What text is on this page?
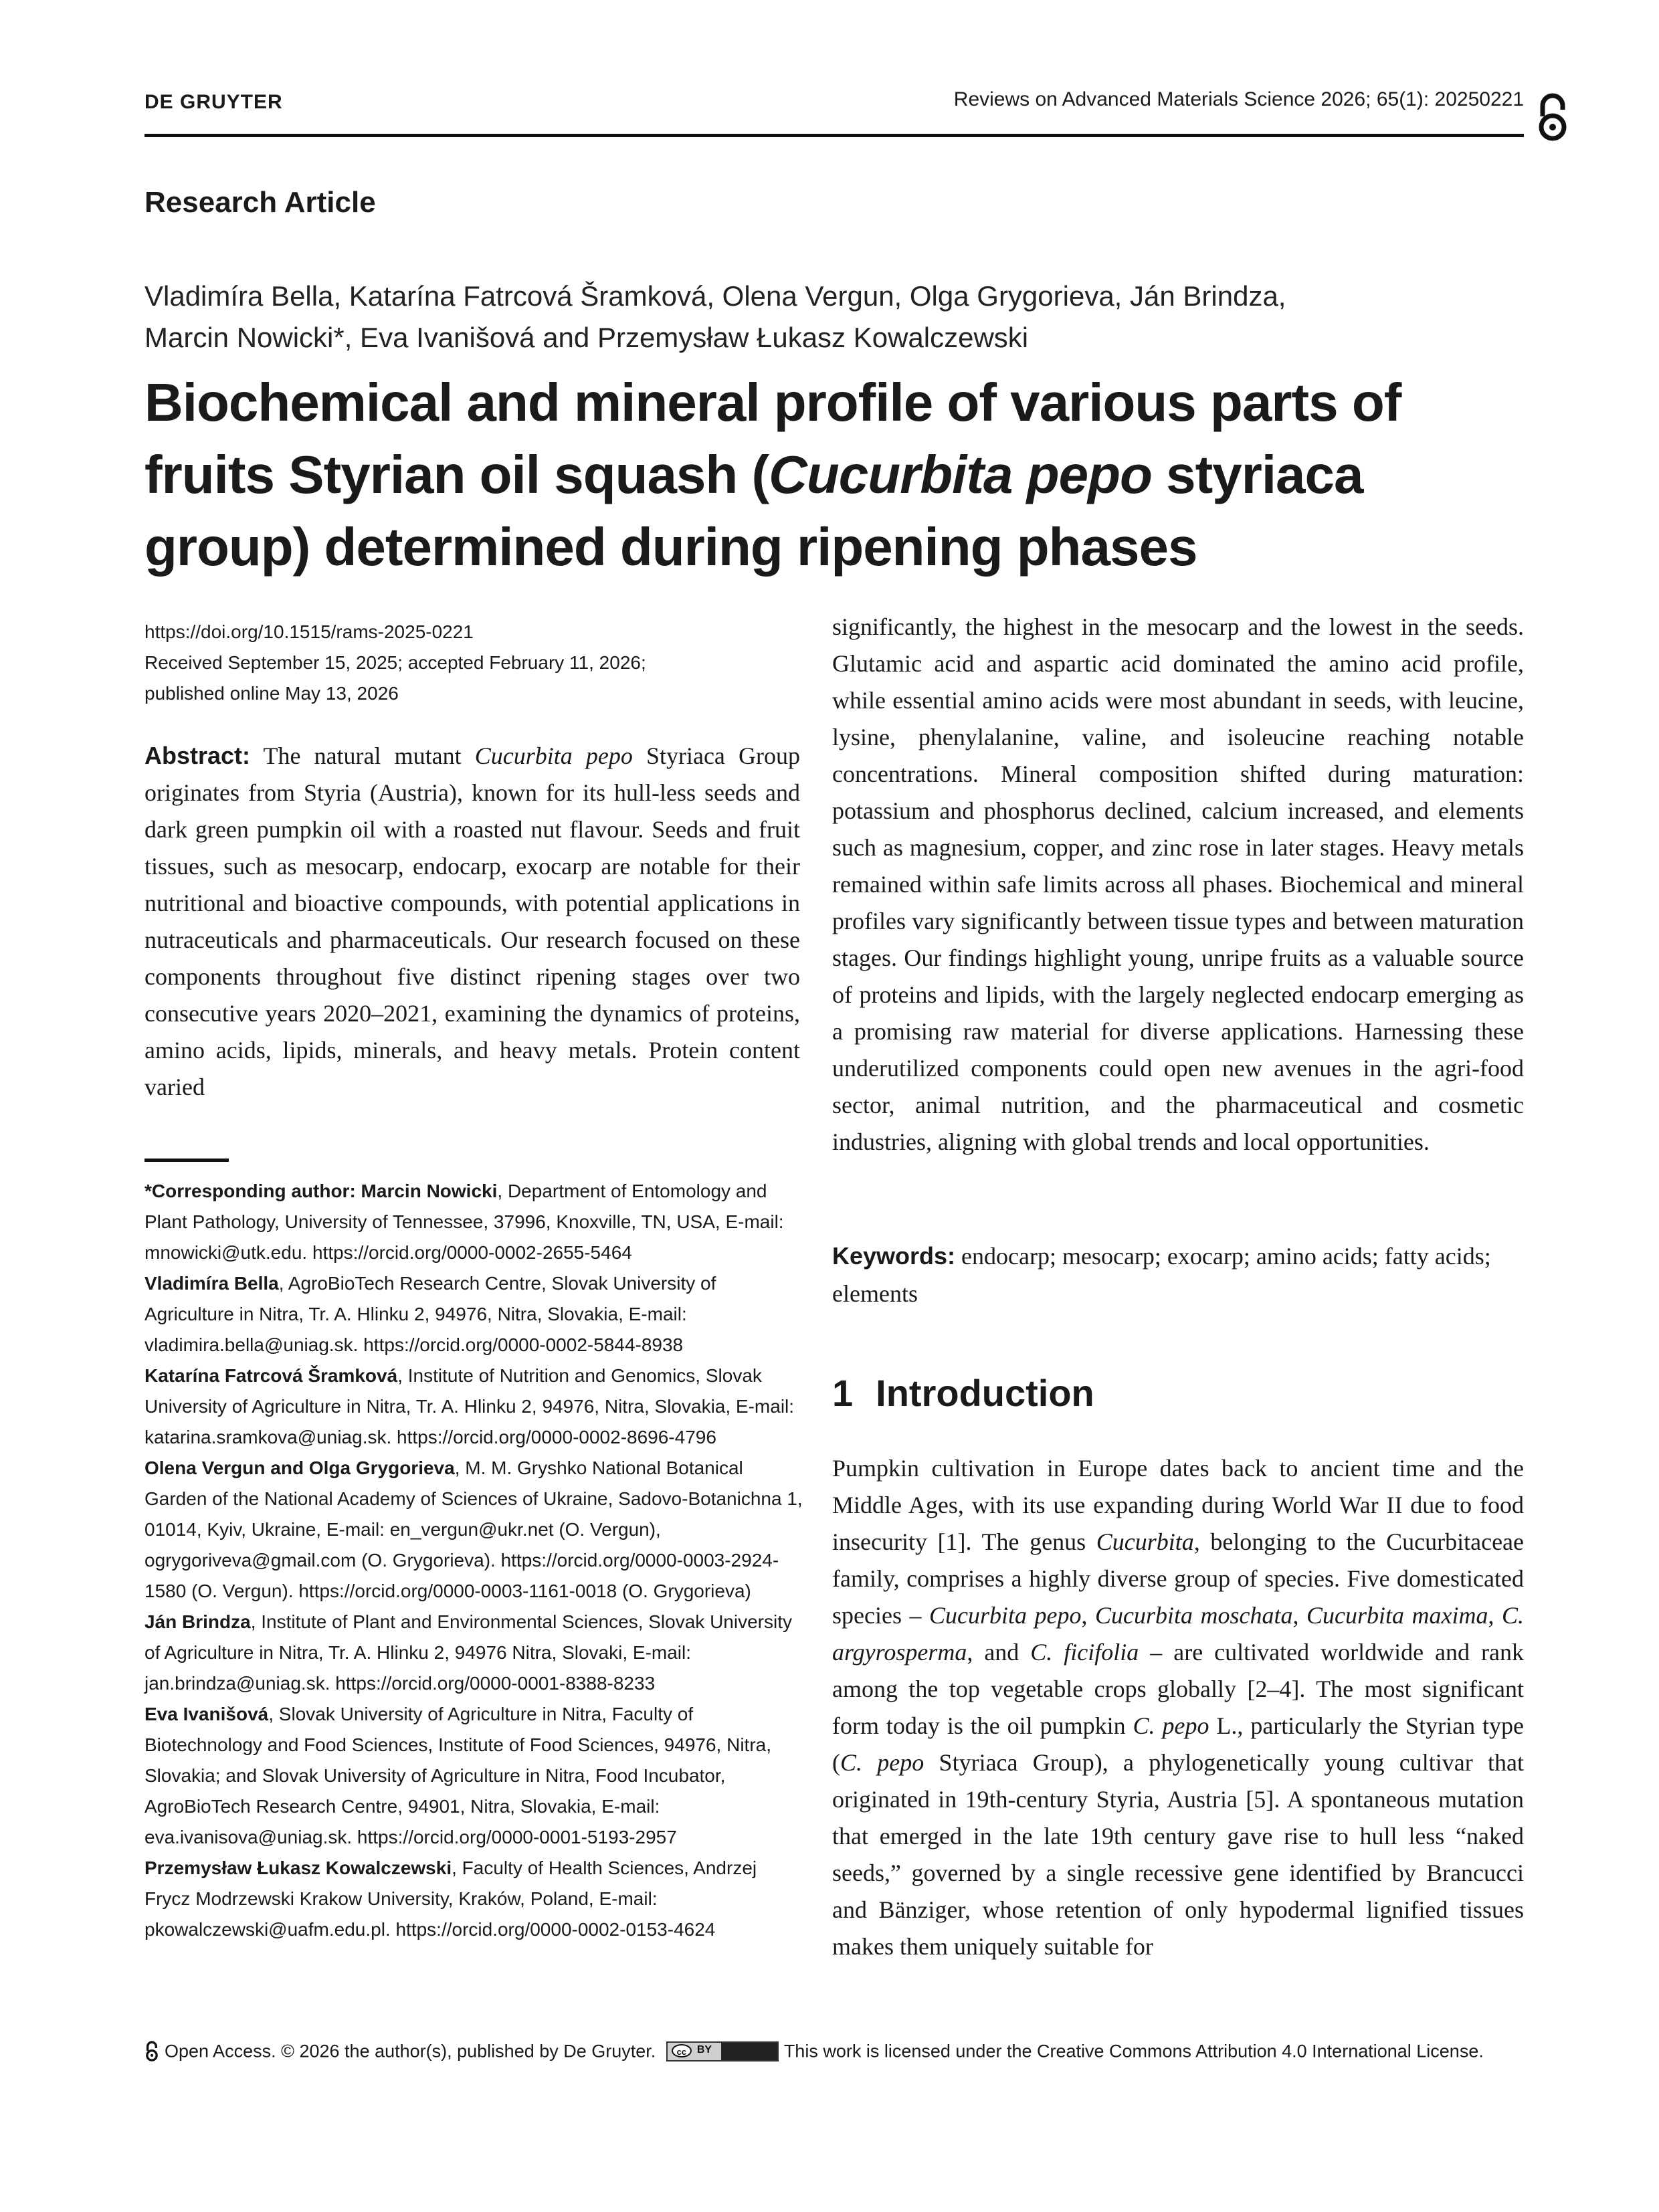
DE GRUYTER	Reviews on Advanced Materials Science 2026; 65(1): 20250221
Research Article
Vladimíra Bella, Katarína Fatrcová Šramková, Olena Vergun, Olga Grygorieva, Ján Brindza,
Marcin Nowicki*, Eva Ivanišová and Przemysław Łukasz Kowalczewski
Biochemical and mineral profile of various parts of
fruits Styrian oil squash (Cucurbita pepo styriaca
group) determined during ripening phases
https://doi.org/10.1515/rams-2025-0221
Received September 15, 2025; accepted February 11, 2026;
published online May 13, 2026
Abstract: The natural mutant Cucurbita pepo Styriaca Group originates from Styria (Austria), known for its hull-less seeds and dark green pumpkin oil with a roasted nut flavour. Seeds and fruit tissues, such as mesocarp, endocarp, exocarp are notable for their nutritional and bioactive compounds, with potential applications in nutraceuticals and pharmaceuticals. Our research focused on these components throughout five distinct ripening stages over two consecutive years 2020–2021, examining the dynamics of proteins, amino acids, lipids, minerals, and heavy metals. Protein content varied
significantly, the highest in the mesocarp and the lowest in the seeds. Glutamic acid and aspartic acid dominated the amino acid profile, while essential amino acids were most abundant in seeds, with leucine, lysine, phenylalanine, valine, and isoleucine reaching notable concentrations. Mineral composition shifted during maturation: potassium and phosphorus declined, calcium increased, and elements such as magnesium, copper, and zinc rose in later stages. Heavy metals remained within safe limits across all phases. Biochemical and mineral profiles vary significantly between tissue types and between maturation stages. Our findings highlight young, unripe fruits as a valuable source of proteins and lipids, with the largely neglected endocarp emerging as a promising raw material for diverse applications. Harnessing these underutilized components could open new avenues in the agri-food sector, animal nutrition, and the pharmaceutical and cosmetic industries, aligning with global trends and local opportunities.

*Corresponding author: Marcin Nowicki, Department of Entomology and Plant Pathology, University of Tennessee, 37996, Knoxville, TN, USA, E-mail: mnowicki@utk.edu. https://orcid.org/0000-0002-2655-5464

Vladimíra Bella, AgroBioTech Research Centre, Slovak University of Agriculture in Nitra, Tr. A. Hlinku 2, 94976, Nitra, Slovakia, E-mail: vladimira.bella@uniag.sk. https://orcid.org/0000-0002-5844-8938

Katarína Fatrcová Šramková, Institute of Nutrition and Genomics, Slovak University of Agriculture in Nitra, Tr. A. Hlinku 2, 94976, Nitra, Slovakia, E-mail: katarina.sramkova@uniag.sk. https://orcid.org/0000-0002-8696-4796

Olena Vergun and Olga Grygorieva, M. M. Gryshko National Botanical Garden of the National Academy of Sciences of Ukraine, Sadovo-Botanichna 1, 01014, Kyiv, Ukraine, E-mail: en_vergun@ukr.net (O. Vergun), ogrygoriveva@gmail.com (O. Grygorieva). https://orcid.org/0000-0003-2924-1580 (O. Vergun). https://orcid.org/0000-0003-1161-0018 (O. Grygorieva)

Ján Brindza, Institute of Plant and Environmental Sciences, Slovak University of Agriculture in Nitra, Tr. A. Hlinku 2, 94976 Nitra, Slovaki, E-mail: jan.brindza@uniag.sk. https://orcid.org/0000-0001-8388-8233

Eva Ivanišová, Slovak University of Agriculture in Nitra, Faculty of Biotechnology and Food Sciences, Institute of Food Sciences, 94976, Nitra, Slovakia; and Slovak University of Agriculture in Nitra, Food Incubator, AgroBioTech Research Centre, 94901, Nitra, Slovakia, E-mail: eva.ivanisova@uniag.sk. https://orcid.org/0000-0001-5193-2957

Przemysław Łukasz Kowalczewski, Faculty of Health Sciences, Andrzej Frycz Modrzewski Krakow University, Kraków, Poland, E-mail: pkowalczewski@uafm.edu.pl. https://orcid.org/0000-0002-0153-4624

Keywords: endocarp; mesocarp; exocarp; amino acids; fatty acids; elements
1 Introduction
Pumpkin cultivation in Europe dates back to ancient time and the Middle Ages, with its use expanding during World War II due to food insecurity [1]. The genus Cucurbita, belonging to the Cucurbitaceae family, comprises a highly diverse group of species. Five domesticated species – Cucurbita pepo, Cucurbita moschata, Cucurbita maxima, C. argyrosperma, and C. ficifolia – are cultivated worldwide and rank among the top vegetable crops globally [2–4]. The most significant form today is the oil pumpkin C. pepo L., particularly the Styrian type (C. pepo Styriaca Group), a phylogenetically young cultivar that originated in 19th-century Styria, Austria [5]. A spontaneous mutation that emerged in the late 19th century gave rise to hull less “naked seeds,” governed by a single recessive gene identified by Brancucci and Bänziger, whose retention of only hypodermal lignified tissues makes them uniquely suitable for
Open Access. © 2026 the author(s), published by De Gruyter.	cc BY	This work is licensed under the Creative Commons Attribution 4.0 International License.
